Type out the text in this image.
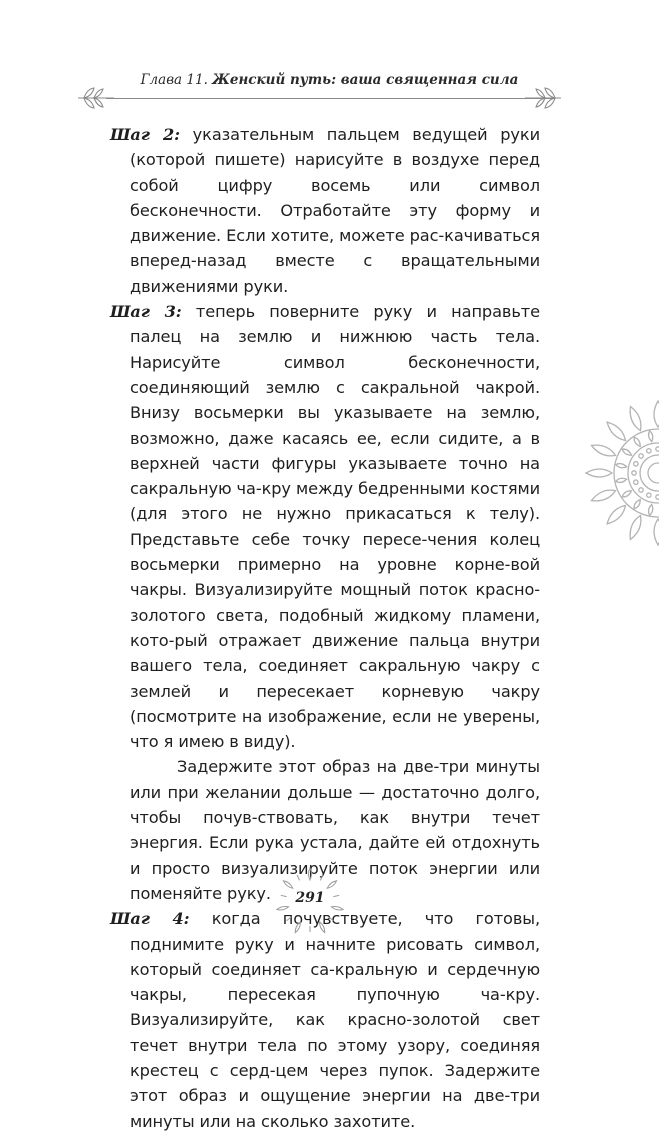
Глава 11. Женский путь: ваша священная сила

Шаг 2: указательным пальцем ведущей руки (которой пишете) нарисуйте в воздухе перед собой цифру восемь или символ бесконечности. Отработайте эту форму и движение. Если хотите, можете рас-качиваться вперед-назад вместе с вращательными движениями руки.

Шаг 3: теперь поверните руку и направьте палец на землю и нижнюю часть тела. Нарисуйте символ бесконечности, соединяющий землю с сакральной чакрой. Внизу восьмерки вы указываете на землю, возможно, даже касаясь ее, если сидите, а в верхней части фигуры указываете точно на сакральную ча-кру между бедренными костями (для этого не нужно прикасаться к телу). Представьте себе точку пересе-чения колец восьмерки примерно на уровне корне-вой чакры. Визуализируйте мощный поток красно-золотого света, подобный жидкому пламени, кото-рый отражает движение пальца внутри вашего тела, соединяет сакральную чакру с землей и пересекает корневую чакру (посмотрите на изображение, если не уверены, что я имею в виду).

Задержите этот образ на две-три минуты или при желании дольше — достаточно долго, чтобы почув-ствовать, как внутри течет энергия. Если рука устала, дайте ей отдохнуть и просто визуализируйте поток энергии или поменяйте руку.

Шаг 4: когда почувствуете, что готовы, поднимите руку и начните рисовать символ, который соединяет са-кральную и сердечную чакры, пересекая пупочную ча-кру. Визуализируйте, как красно-золотой свет течет внутри тела по этому узору, соединяя крестец с серд-цем через пупок. Задержите этот образ и ощущение энергии на две-три минуты или на сколько захотите.

291
